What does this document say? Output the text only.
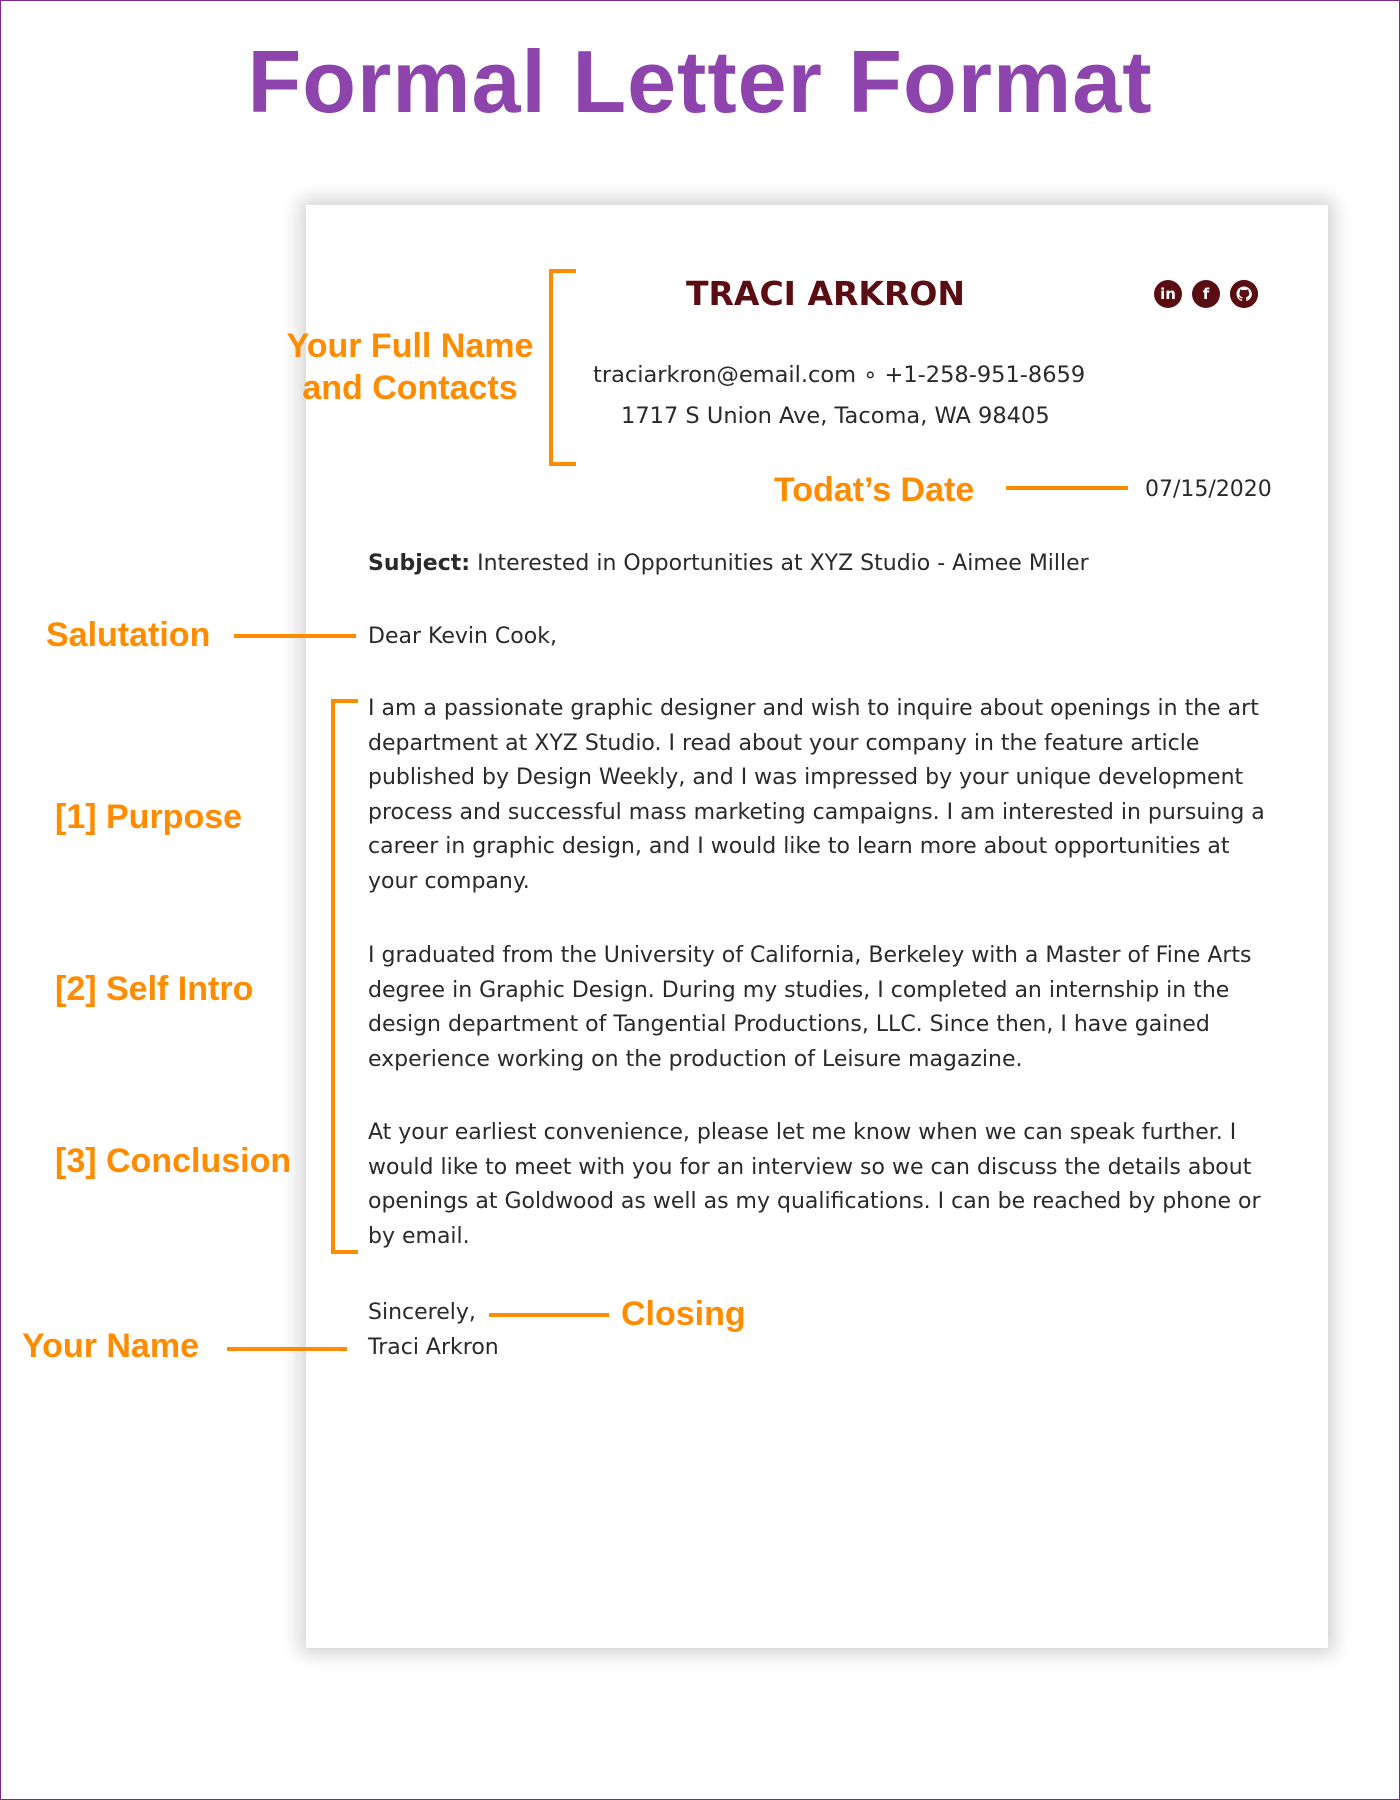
Formal Letter Format
TRACI ARKRON	in	f
traciarkron@email.com ∘ +1-258-951-8659
1717 S Union Ave, Tacoma, WA 98405
07/15/2020
Subject: Interested in Opportunities at XYZ Studio - Aimee Miller
Dear Kevin Cook,
I am a passionate graphic designer and wish to inquire about openings in the art department at XYZ Studio. I read about your company in the feature article published by Design Weekly, and I was impressed by your unique development process and successful mass marketing campaigns. I am interested in pursuing a career in graphic design, and I would like to learn more about opportunities at your company.
I graduated from the University of California, Berkeley with a Master of Fine Arts degree in Graphic Design. During my studies, I completed an internship in the design department of Tangential Productions, LLC. Since then, I have gained experience working on the production of Leisure magazine.
At your earliest convenience, please let me know when we can speak further. I would like to meet with you for an interview so we can discuss the details about openings at Goldwood as well as my qualifications. I can be reached by phone or by email.
Sincerely,
Traci Arkron
Your Full Name
and Contacts
Todat’s Date
Salutation
[1] Purpose
[2] Self Intro
[3] Conclusion
Closing
Your Name
